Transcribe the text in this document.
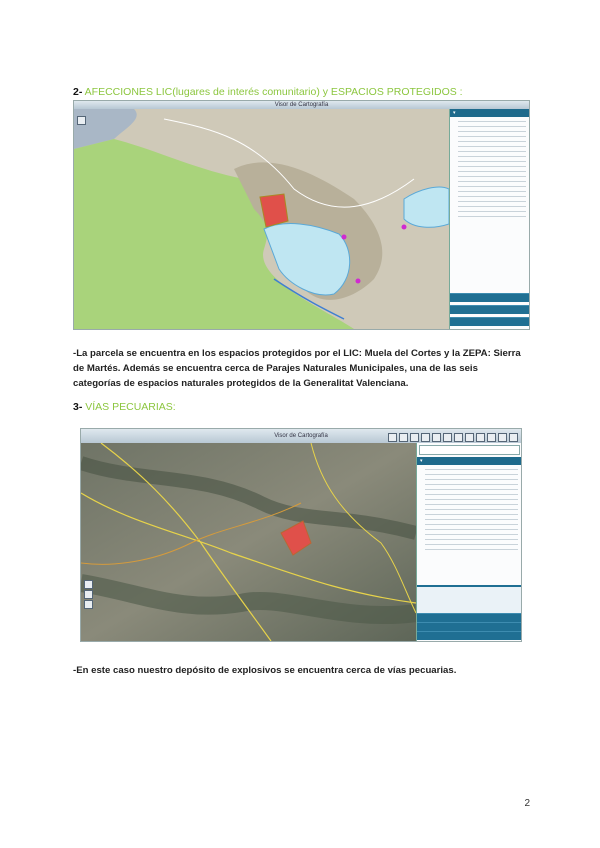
2- AFECCIONES LIC(lugares de interés comunitario) y ESPACIOS PROTEGIDOS :
Visor de Cartografía
▾
-La parcela se encuentra en los espacios protegidos por el LIC: Muela del Cortes y la ZEPA: Sierra de Martés. Además se encuentra cerca de Parajes Naturales Municipales, una de las seis categorías de espacios naturales protegidos de la Generalitat Valenciana.
3- VÍAS PECUARIAS:
Visor de Cartografía
▾
-En este caso nuestro depósito de explosivos se encuentra cerca de vías pecuarias.
2
